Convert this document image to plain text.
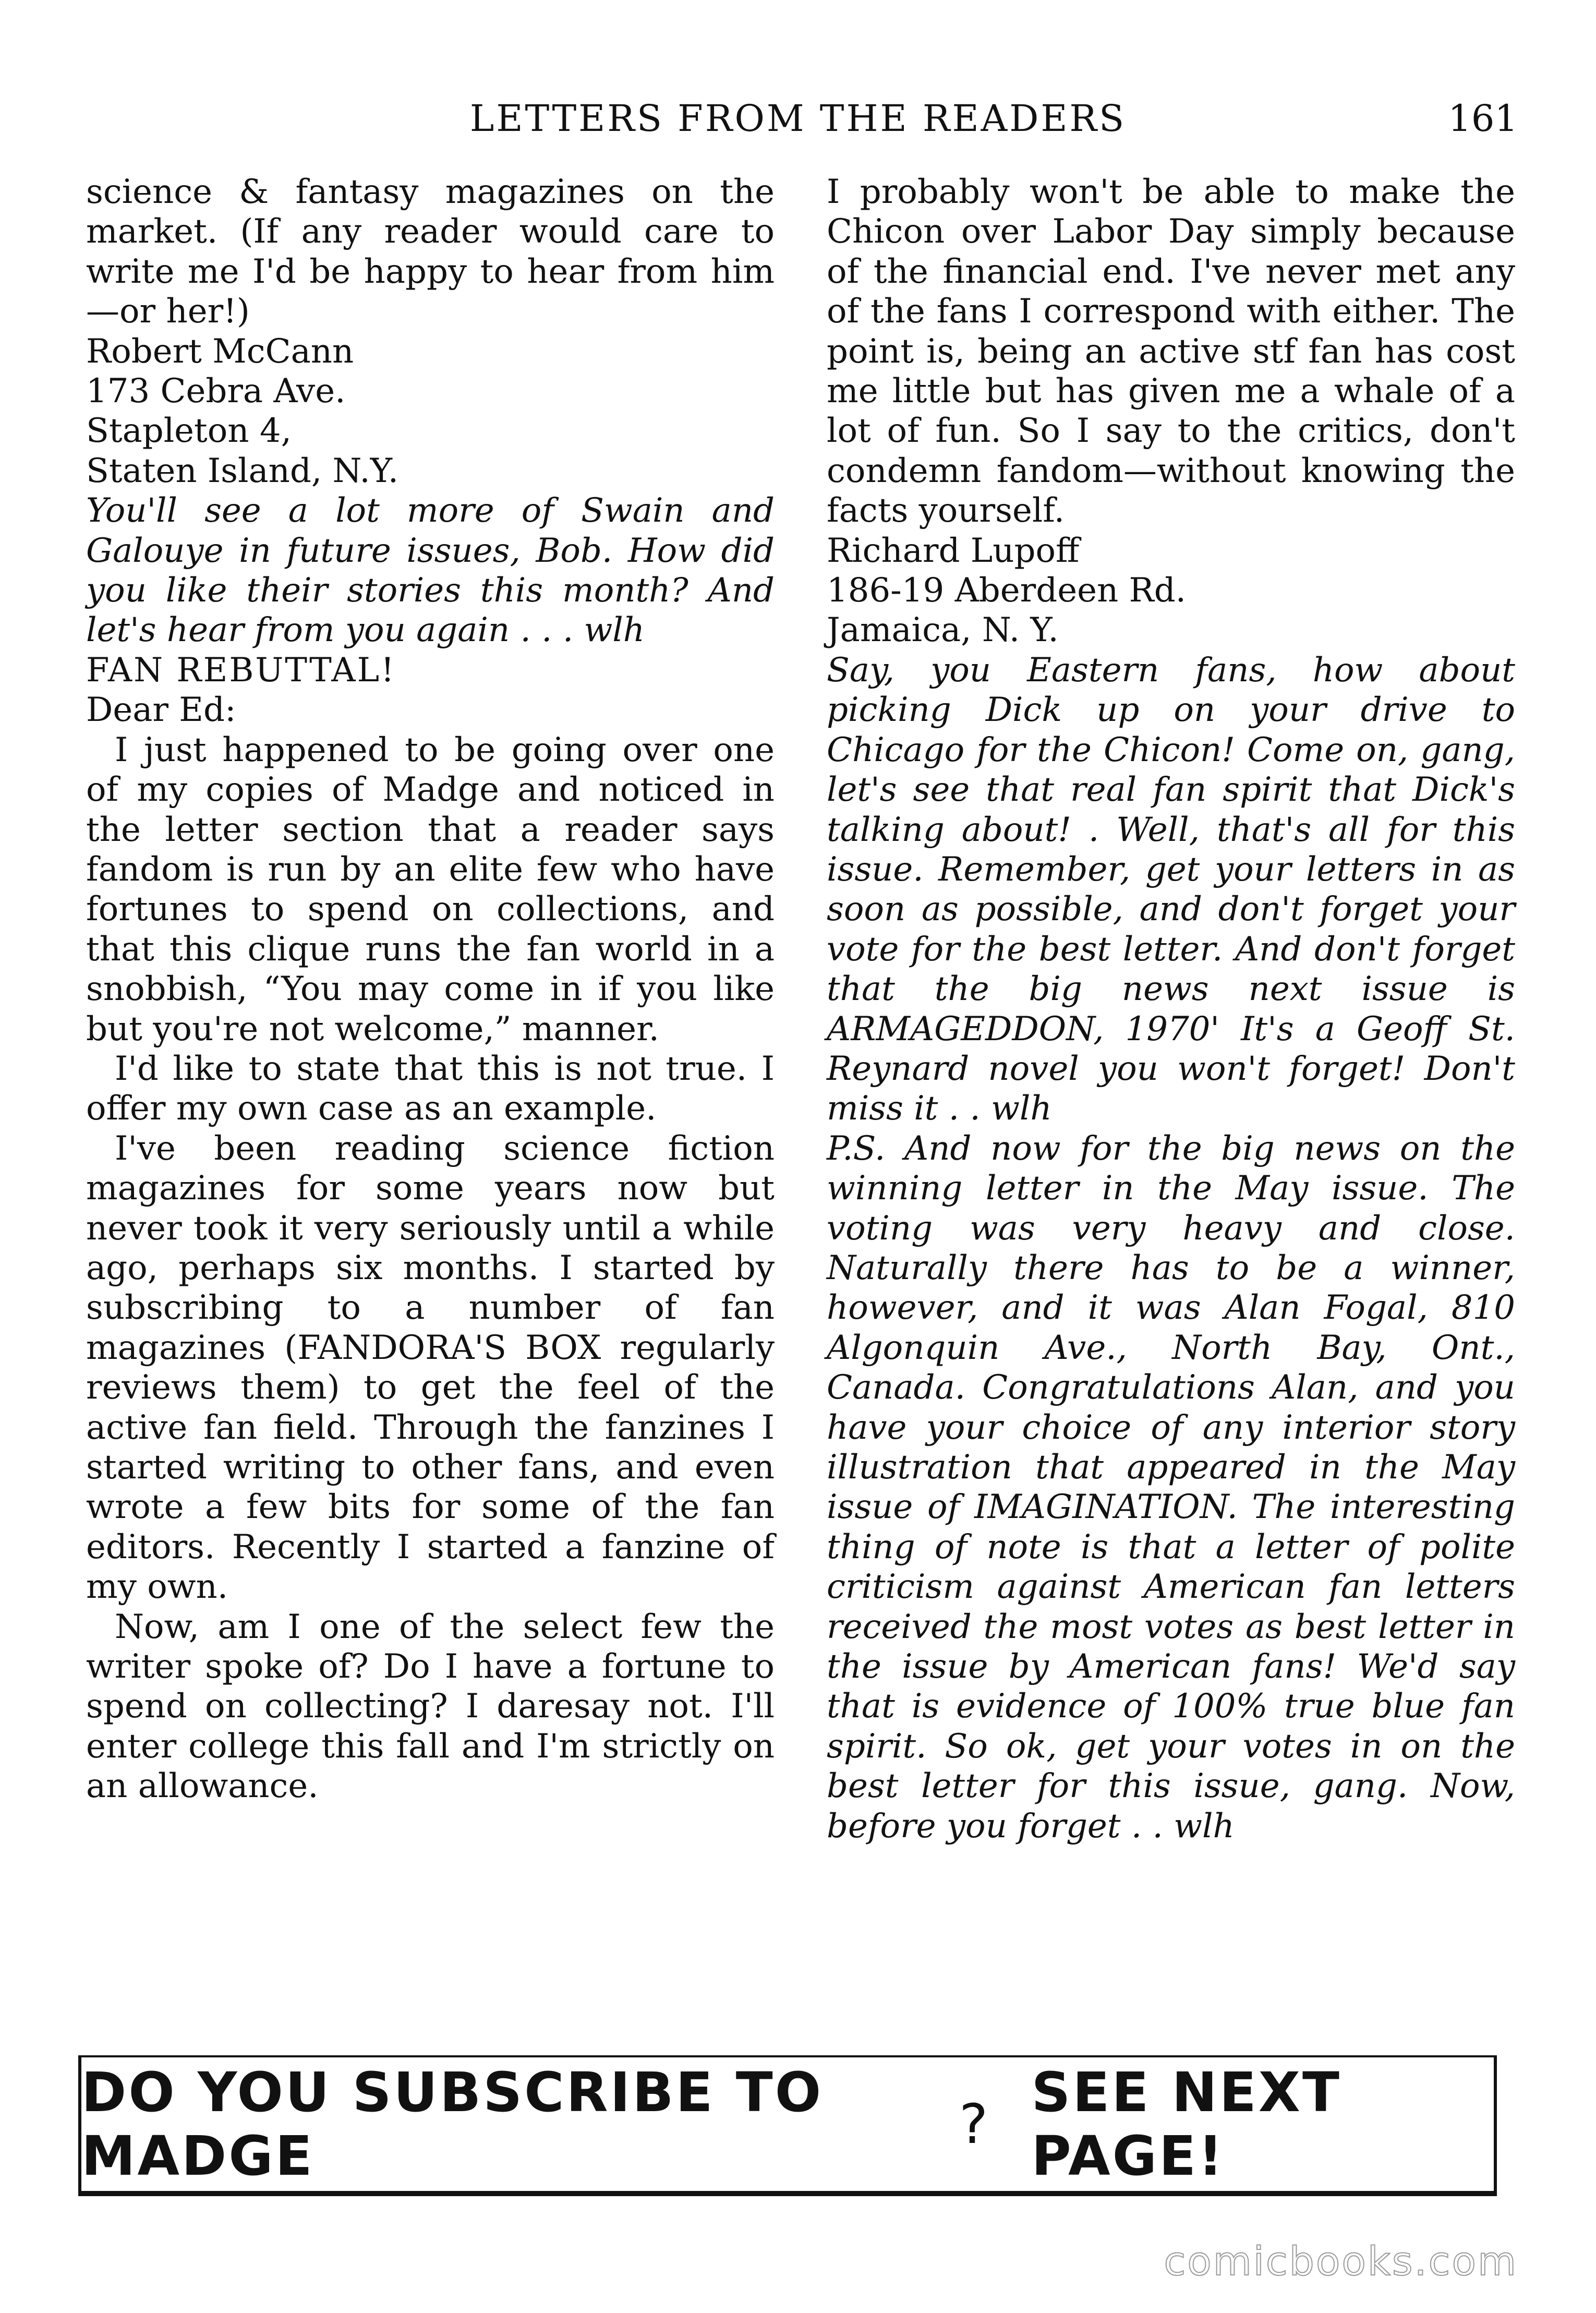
LETTERS FROM THE READERS	161

science & fantasy magazines on the market. (If any reader would care to write me I'd be happy to hear from him—or her!)

Robert McCann

173 Cebra Ave.

Stapleton 4,

Staten Island, N.Y.

You'll see a lot more of Swain and Galouye in future issues, Bob. How did you like their stories this month? And let's hear from you again . . . wlh

FAN REBUTTAL!

Dear Ed:

I just happened to be going over one of my copies of Madge and noticed in the letter section that a reader says fandom is run by an elite few who have fortunes to spend on collections, and that this clique runs the fan world in a snobbish, “You may come in if you like but you're not welcome,” manner.

I'd like to state that this is not true. I offer my own case as an example.

I've been reading science fiction magazines for some years now but never took it very seriously until a while ago, perhaps six months. I started by subscribing to a number of fan magazines (FANDORA'S BOX regularly reviews them) to get the feel of the active fan field. Through the fanzines I started writing to other fans, and even wrote a few bits for some of the fan editors. Recently I started a fanzine of my own.

Now, am I one of the select few the writer spoke of? Do I have a fortune to spend on collecting? I daresay not. I'll enter college this fall and I'm strictly on an allowance.

I probably won't be able to make the Chicon over Labor Day simply because of the financial end. I've never met any of the fans I correspond with either. The point is, being an active stf fan has cost me little but has given me a whale of a lot of fun. So I say to the critics, don't condemn fandom—without knowing the facts yourself.

Richard Lupoff

186-19 Aberdeen Rd.

Jamaica, N. Y.

Say, you Eastern fans, how about picking Dick up on your drive to Chicago for the Chicon! Come on, gang, let's see that real fan spirit that Dick's talking about! . Well, that's all for this issue. Remember, get your letters in as soon as possible, and don't forget your vote for the best letter. And don't forget that the big news next issue is ARMAGEDDON, 1970' It's a Geoff St. Reynard novel you won't forget! Don't miss it . . wlh

P.S. And now for the big news on the winning letter in the May issue. The voting was very heavy and close. Naturally there has to be a winner, however, and it was Alan Fogal, 810 Algonquin Ave., North Bay, Ont., Canada. Congratulations Alan, and you have your choice of any interior story illustration that appeared in the May issue of IMAGINATION. The interesting thing of note is that a letter of polite criticism against American fan letters received the most votes as best letter in the issue by American fans! We'd say that is evidence of 100% true blue fan spirit. So ok, get your votes in on the best letter for this issue, gang. Now, before you forget . . wlh

DO YOU SUBSCRIBE TO MADGE	? SEE NEXT PAGE!
comicbooks.com
